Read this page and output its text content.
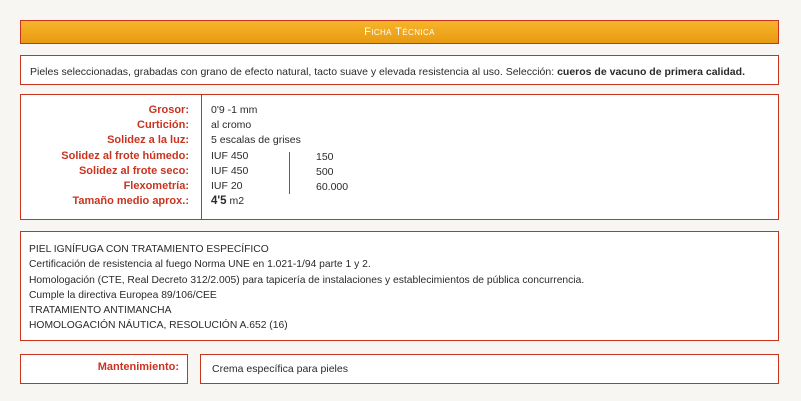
Ficha Técnica
Pieles seleccionadas, grabadas con grano de efecto natural, tacto suave y elevada resistencia al uso. Selección: cueros de vacuno de primera calidad.
Grosor:
Curtición:
Solidez a la luz:
Solidez al frote húmedo:
Solidez al frote seco:
Flexometría:
Tamaño medio aprox.:
0'9 -1 mm
al cromo
5 escalas de grises
IUF 450
IUF 450
IUF 20
4'5 m2
150
500
60.000
PIEL IGNÍFUGA CON TRATAMIENTO ESPECÍFICO
Certificación de resistencia al fuego Norma UNE en 1.021-1/94 parte 1 y 2.
Homologación (CTE, Real Decreto 312/2.005) para tapicería de instalaciones y establecimientos de pública concurrencia.
Cumple la directiva Europea 89/106/CEE
TRATAMIENTO ANTIMANCHA
HOMOLOGACIÓN NÁUTICA, RESOLUCIÓN A.652 (16)
Mantenimiento:	Crema específica para pieles
